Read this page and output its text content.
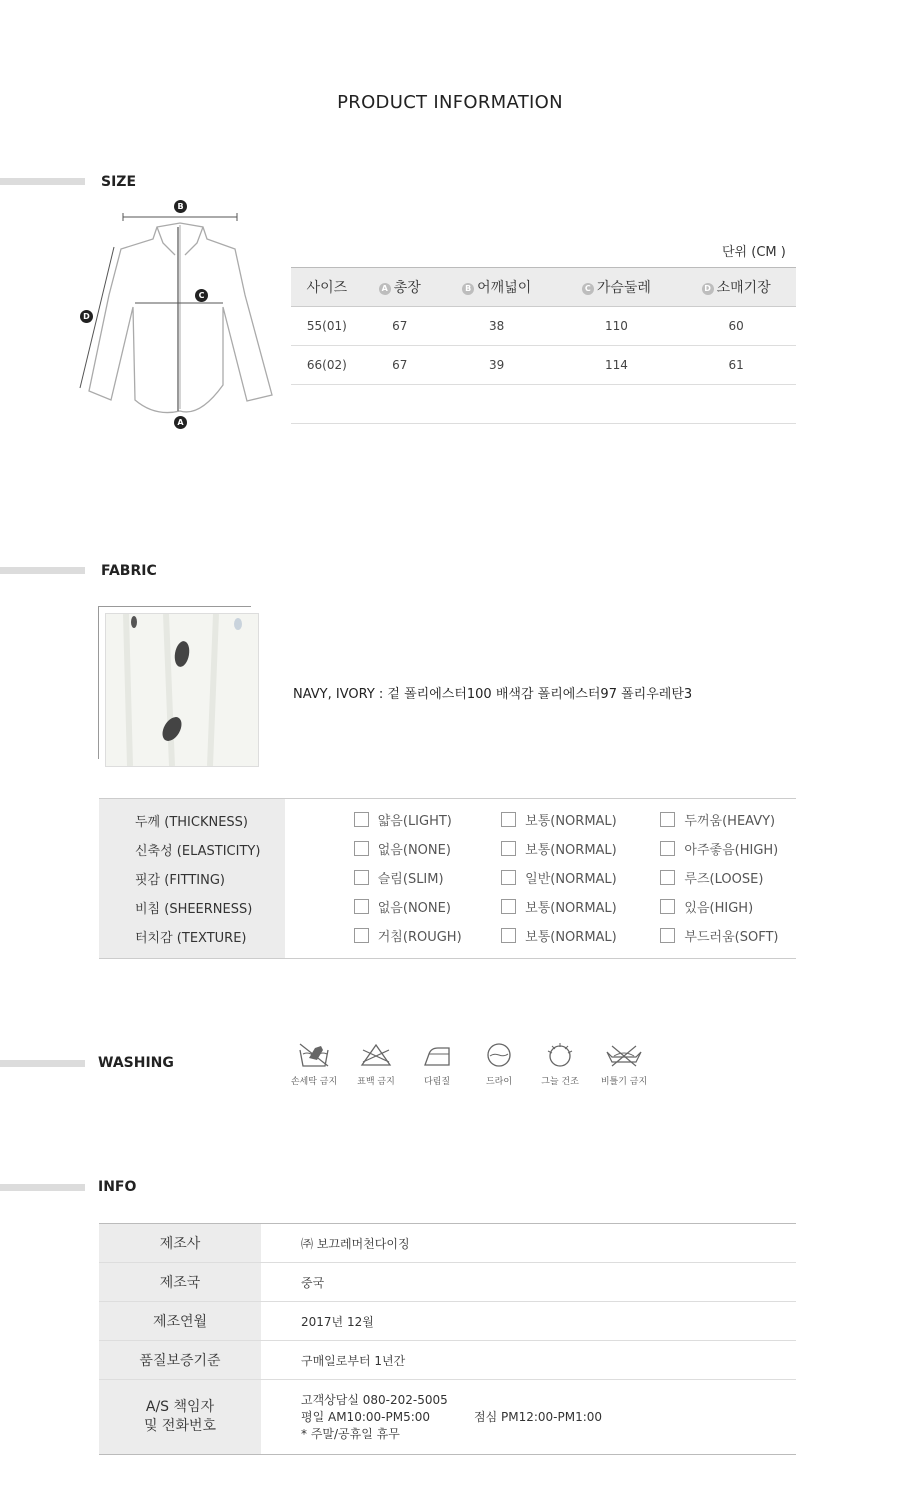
PRODUCT INFORMATION
SIZE
B
C
D
A
단위 (CM )
사이즈	A 총장	B 어깨넓이	C 가슴둘레	D 소매기장
55(01)	67	38	110	60
66(02)	67	39	114	61

FABRIC
NAVY, IVORY : 겉 폴리에스터100 배색감 폴리에스터97 폴리우레탄3
두께 (THICKNESS)		얇음(LIGHT)	보통(NORMAL)	두꺼움(HEAVY)

신축성 (ELASTICITY)		없음(NONE)	보통(NORMAL)	아주좋음(HIGH)

핏감 (FITTING)		슬림(SLIM)	일반(NORMAL)	루즈(LOOSE)

비침 (SHEERNESS)		없음(NONE)	보통(NORMAL)	있음(HIGH)

터치감 (TEXTURE)		거침(ROUGH)	보통(NORMAL)	부드러움(SOFT)
WASHING
손세탁 금지	표백 금지	다림질	드라이	그늘 건조	비틀기 금지
INFO
제조사	㈜ 보끄레머천다이징
제조국	중국
제조연월	2017년 12월
품질보증기준	구매일로부터 1년간

A/S 책임자
및 전화번호	고객상담실 080-202-5005
평일 AM10:00-PM5:00 점심 PM12:00-PM1:00
* 주말/공휴일 휴무
